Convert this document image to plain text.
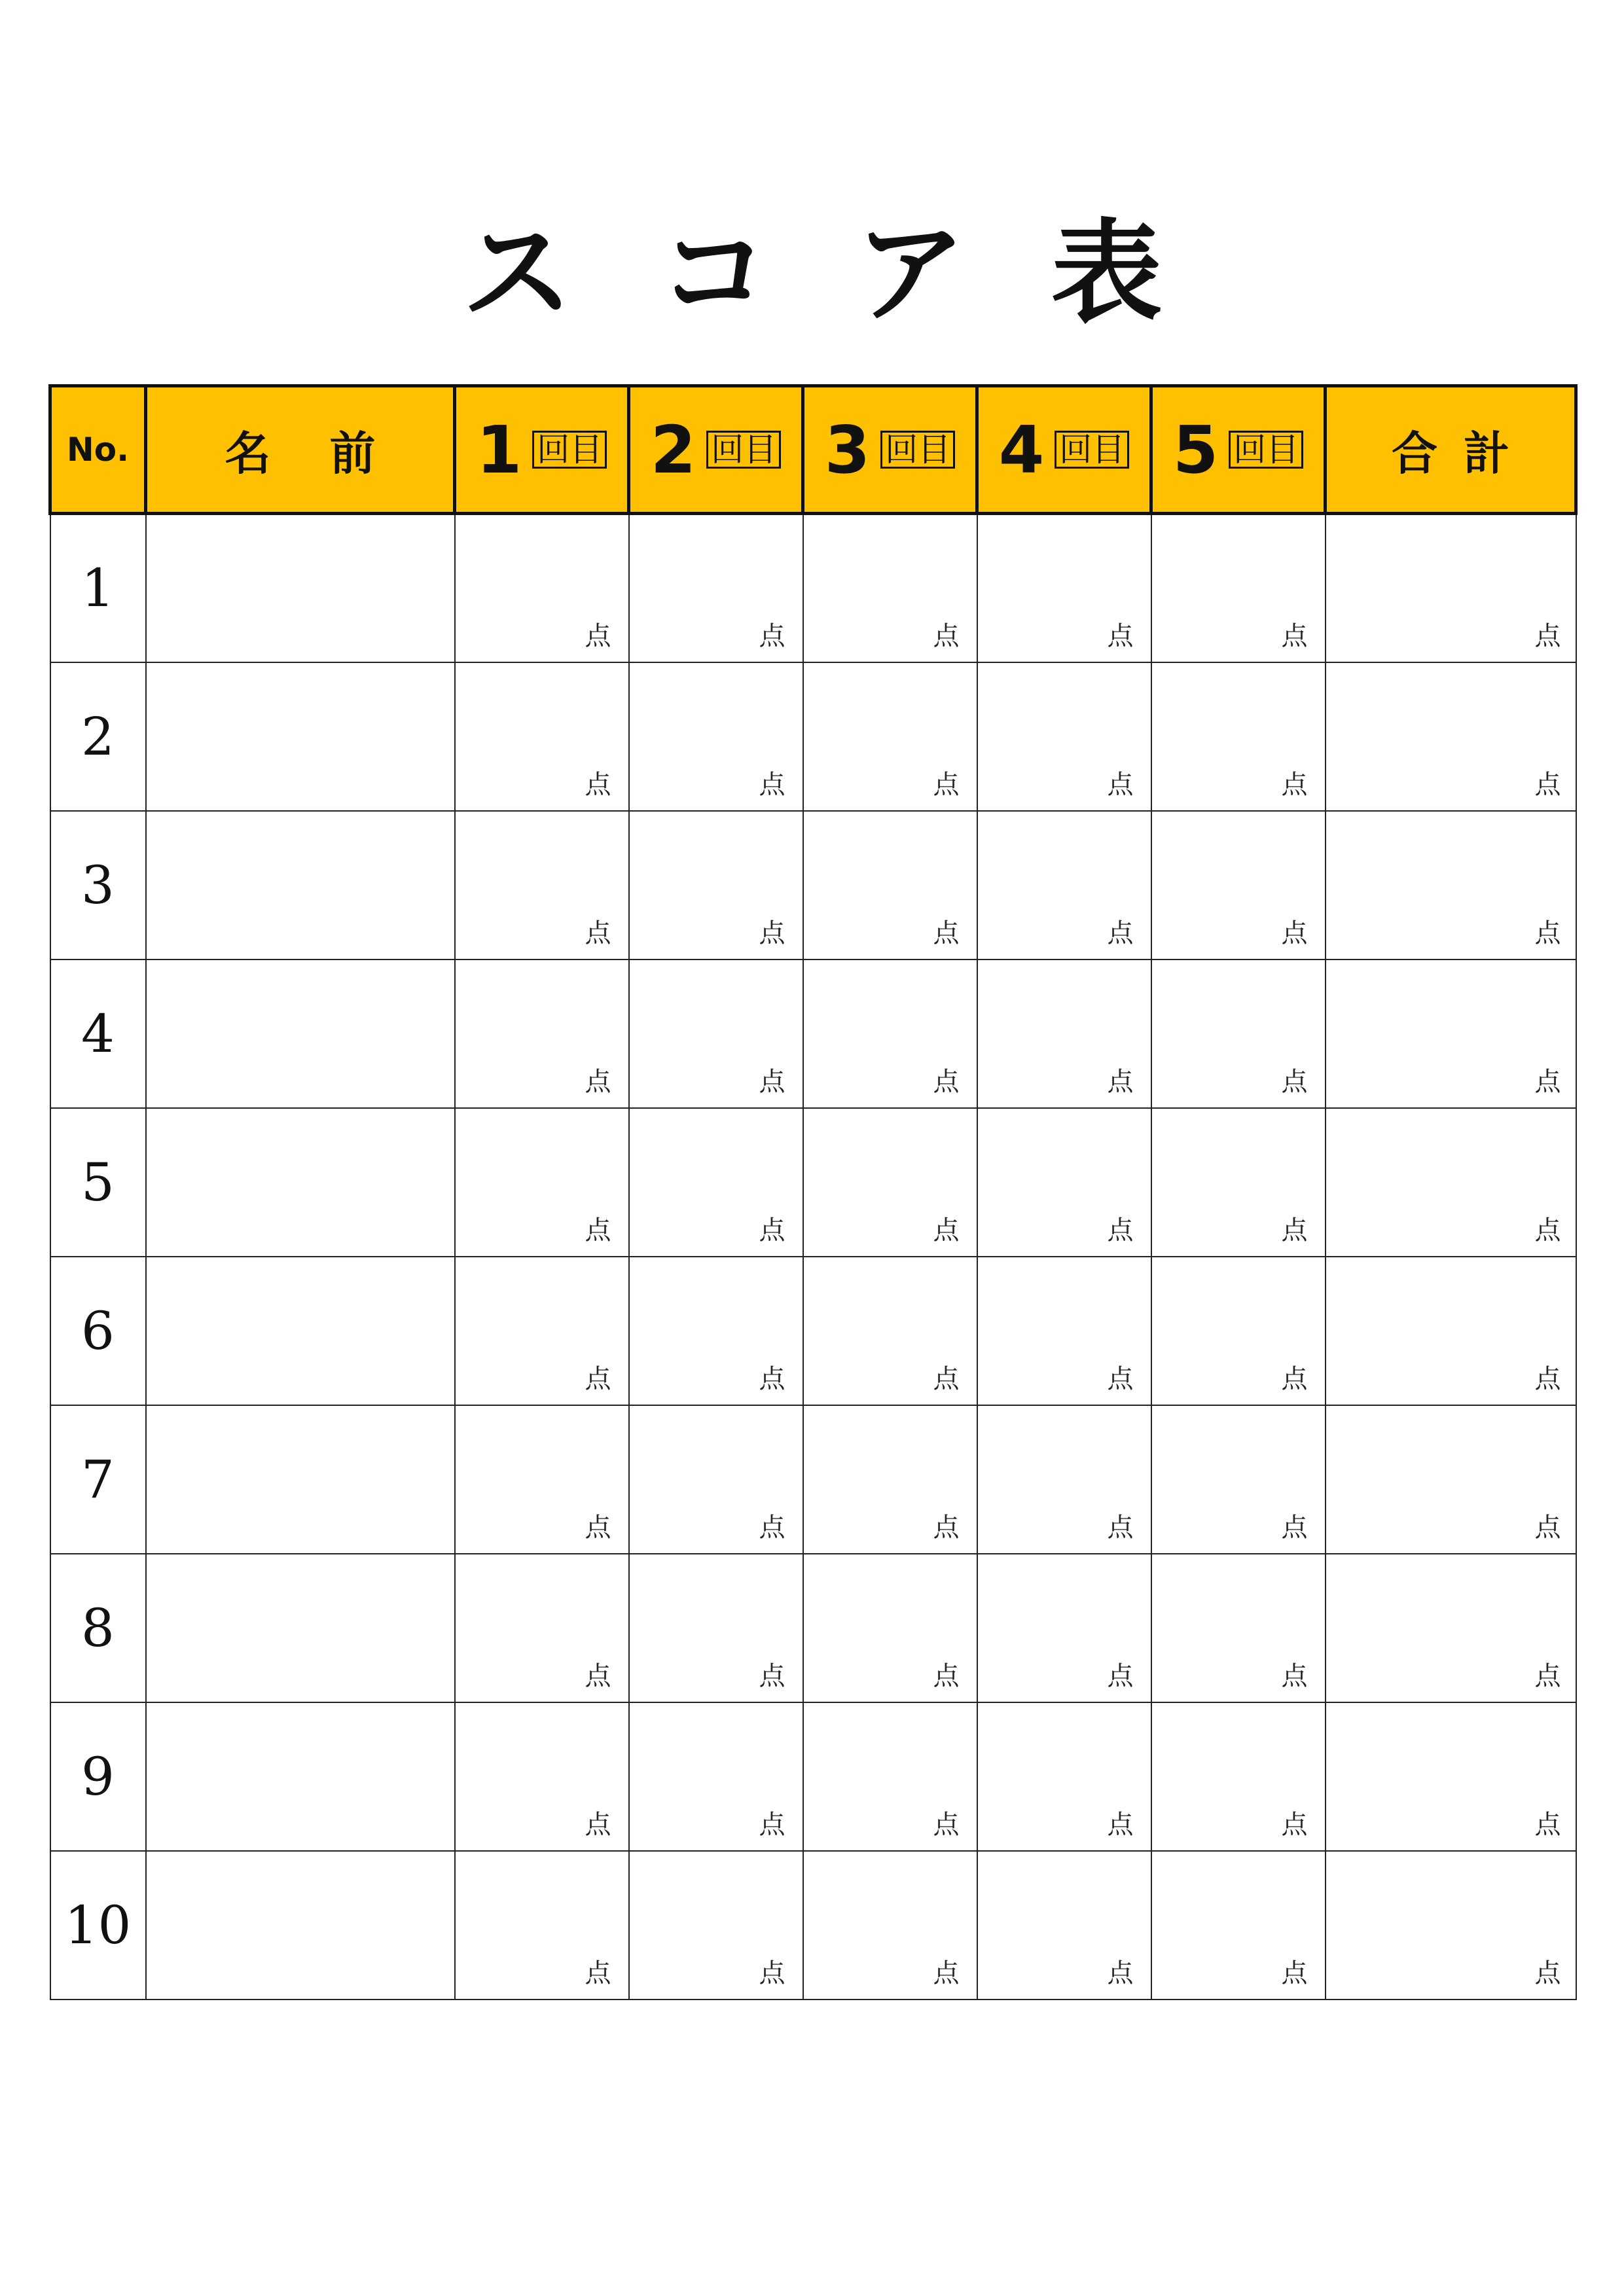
スコア表
No.	名前	1 回目	2 回目	3 回目	4 回目	5 回目	合計
1		点	点	点	点	点	点
2		点	点	点	点	点	点
3		点	点	点	点	点	点
4		点	点	点	点	点	点
5		点	点	点	点	点	点
6		点	点	点	点	点	点
7		点	点	点	点	点	点
8		点	点	点	点	点	点
9		点	点	点	点	点	点
10		点	点	点	点	点	点
